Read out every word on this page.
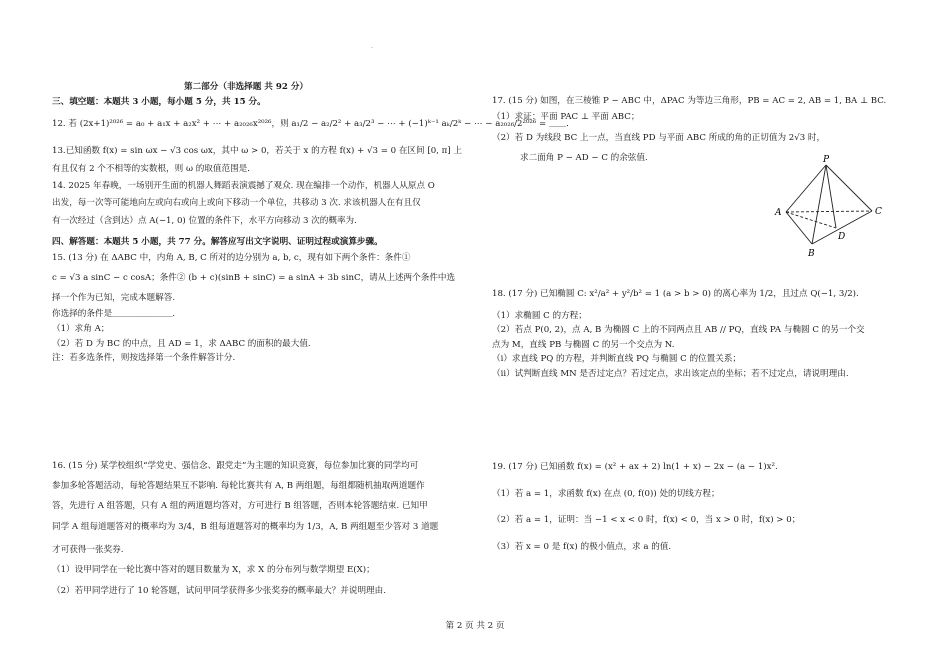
·
第二部分（非选择题 共 92 分）
三、填空题：本题共 3 小题，每小题 5 分，共 15 分。
12. 若 (2x+1)²⁰²⁶ = a₀ + a₁x + a₂x² + ⋯ + a₂₀₂₆x²⁰²⁶，则 a₁/2 − a₂/2² + a₃/2³ − ⋯ + (−1)ᵏ⁻¹ aₖ/2ᵏ − ⋯ − a₂₀₂₆/2²⁰²⁶ = ＿＿．
13.已知函数 f(x) = sin ωx − √3 cos ωx，其中 ω > 0，若关于 x 的方程 f(x) + √3 = 0 在区间 [0, π] 上
有且仅有 2 个不相等的实数根，则 ω 的取值范围是．
14. 2025 年春晚，一场别开生面的机器人舞蹈表演震撼了观众. 现在编排一个动作，机器人从原点 O
出发，每一次等可能地向左或向右或向上或向下移动一个单位，共移动 3 次. 求该机器人在有且仅
有一次经过（含到达）点 A(−1, 0) 位置的条件下，水平方向移动 3 次的概率为.
四、解答题：本题共 5 小题，共 77 分。解答应写出文字说明、证明过程或演算步骤。
15. (13 分) 在 ΔABC 中，内角 A, B, C 所对的边分别为 a, b, c，现有如下两个条件：条件①
c = √3 a sinC − c cosA；条件② (b + c)(sinB + sinC) = a sinA + 3b sinC，请从上述两个条件中选
择一个作为已知，完成本题解答.
你选择的条件是＿＿＿＿＿＿＿.
（1）求角 A；
（2）若 D 为 BC 的中点，且 AD = 1，求 ΔABC 的面积的最大值.
注：若多选条件，则按选择第一个条件解答计分.
16. (15 分) 某学校组织“学党史、强信念、跟党走”为主题的知识竞赛，每位参加比赛的同学均可
参加多轮答题活动，每轮答题结果互不影响. 每轮比赛共有 A, B 两组题，每组都随机抽取两道题作
答，先进行 A 组答题，只有 A 组的两道题均答对，方可进行 B 组答题，否则本轮答题结束. 已知甲
同学 A 组每道题答对的概率均为 3/4，B 组每道题答对的概率均为 1/3，A, B 两组题至少答对 3 道题
才可获得一张奖券.
（1）设甲同学在一轮比赛中答对的题目数量为 X，求 X 的分布列与数学期望 E(X)；
（2）若甲同学进行了 10 轮答题，试问甲同学获得多少张奖券的概率最大？并说明理由.
17. (15 分) 如图，在三棱锥 P − ABC 中，ΔPAC 为等边三角形，PB = AC = 2, AB = 1, BA ⊥ BC.
（1）求证：平面 PAC ⊥ 平面 ABC；
（2）若 D 为线段 BC 上一点，当直线 PD 与平面 ABC 所成的角的正切值为 2√3 时，
求二面角 P − AD − C 的余弦值.
18. (17 分) 已知椭圆 C: x²/a² + y²/b² = 1 (a > b > 0) 的离心率为 1/2，且过点 Q(−1, 3/2).
（1）求椭圆 C 的方程；
（2）若点 P(0, 2)，点 A, B 为椭圆 C 上的不同两点且 AB // PQ，直线 PA 与椭圆 C 的另一个交
点为 M，直线 PB 与椭圆 C 的另一个交点为 N.
（ⅰ）求直线 PQ 的方程，并判断直线 PQ 与椭圆 C 的位置关系；
（ⅱ）试判断直线 MN 是否过定点？若过定点，求出该定点的坐标；若不过定点，请说明理由.
19. (17 分) 已知函数 f(x) = (x² + ax + 2) ln(1 + x) − 2x − (a − 1)x².
（1）若 a = 1，求函数 f(x) 在点 (0, f(0)) 处的切线方程；
（2）若 a = 1，证明：当 −1 < x < 0 时，f(x) < 0，当 x > 0 时，f(x) > 0；
（3）若 x = 0 是 f(x) 的极小值点，求 a 的值.
P
A
B
C
D
第 2 页 共 2 页
